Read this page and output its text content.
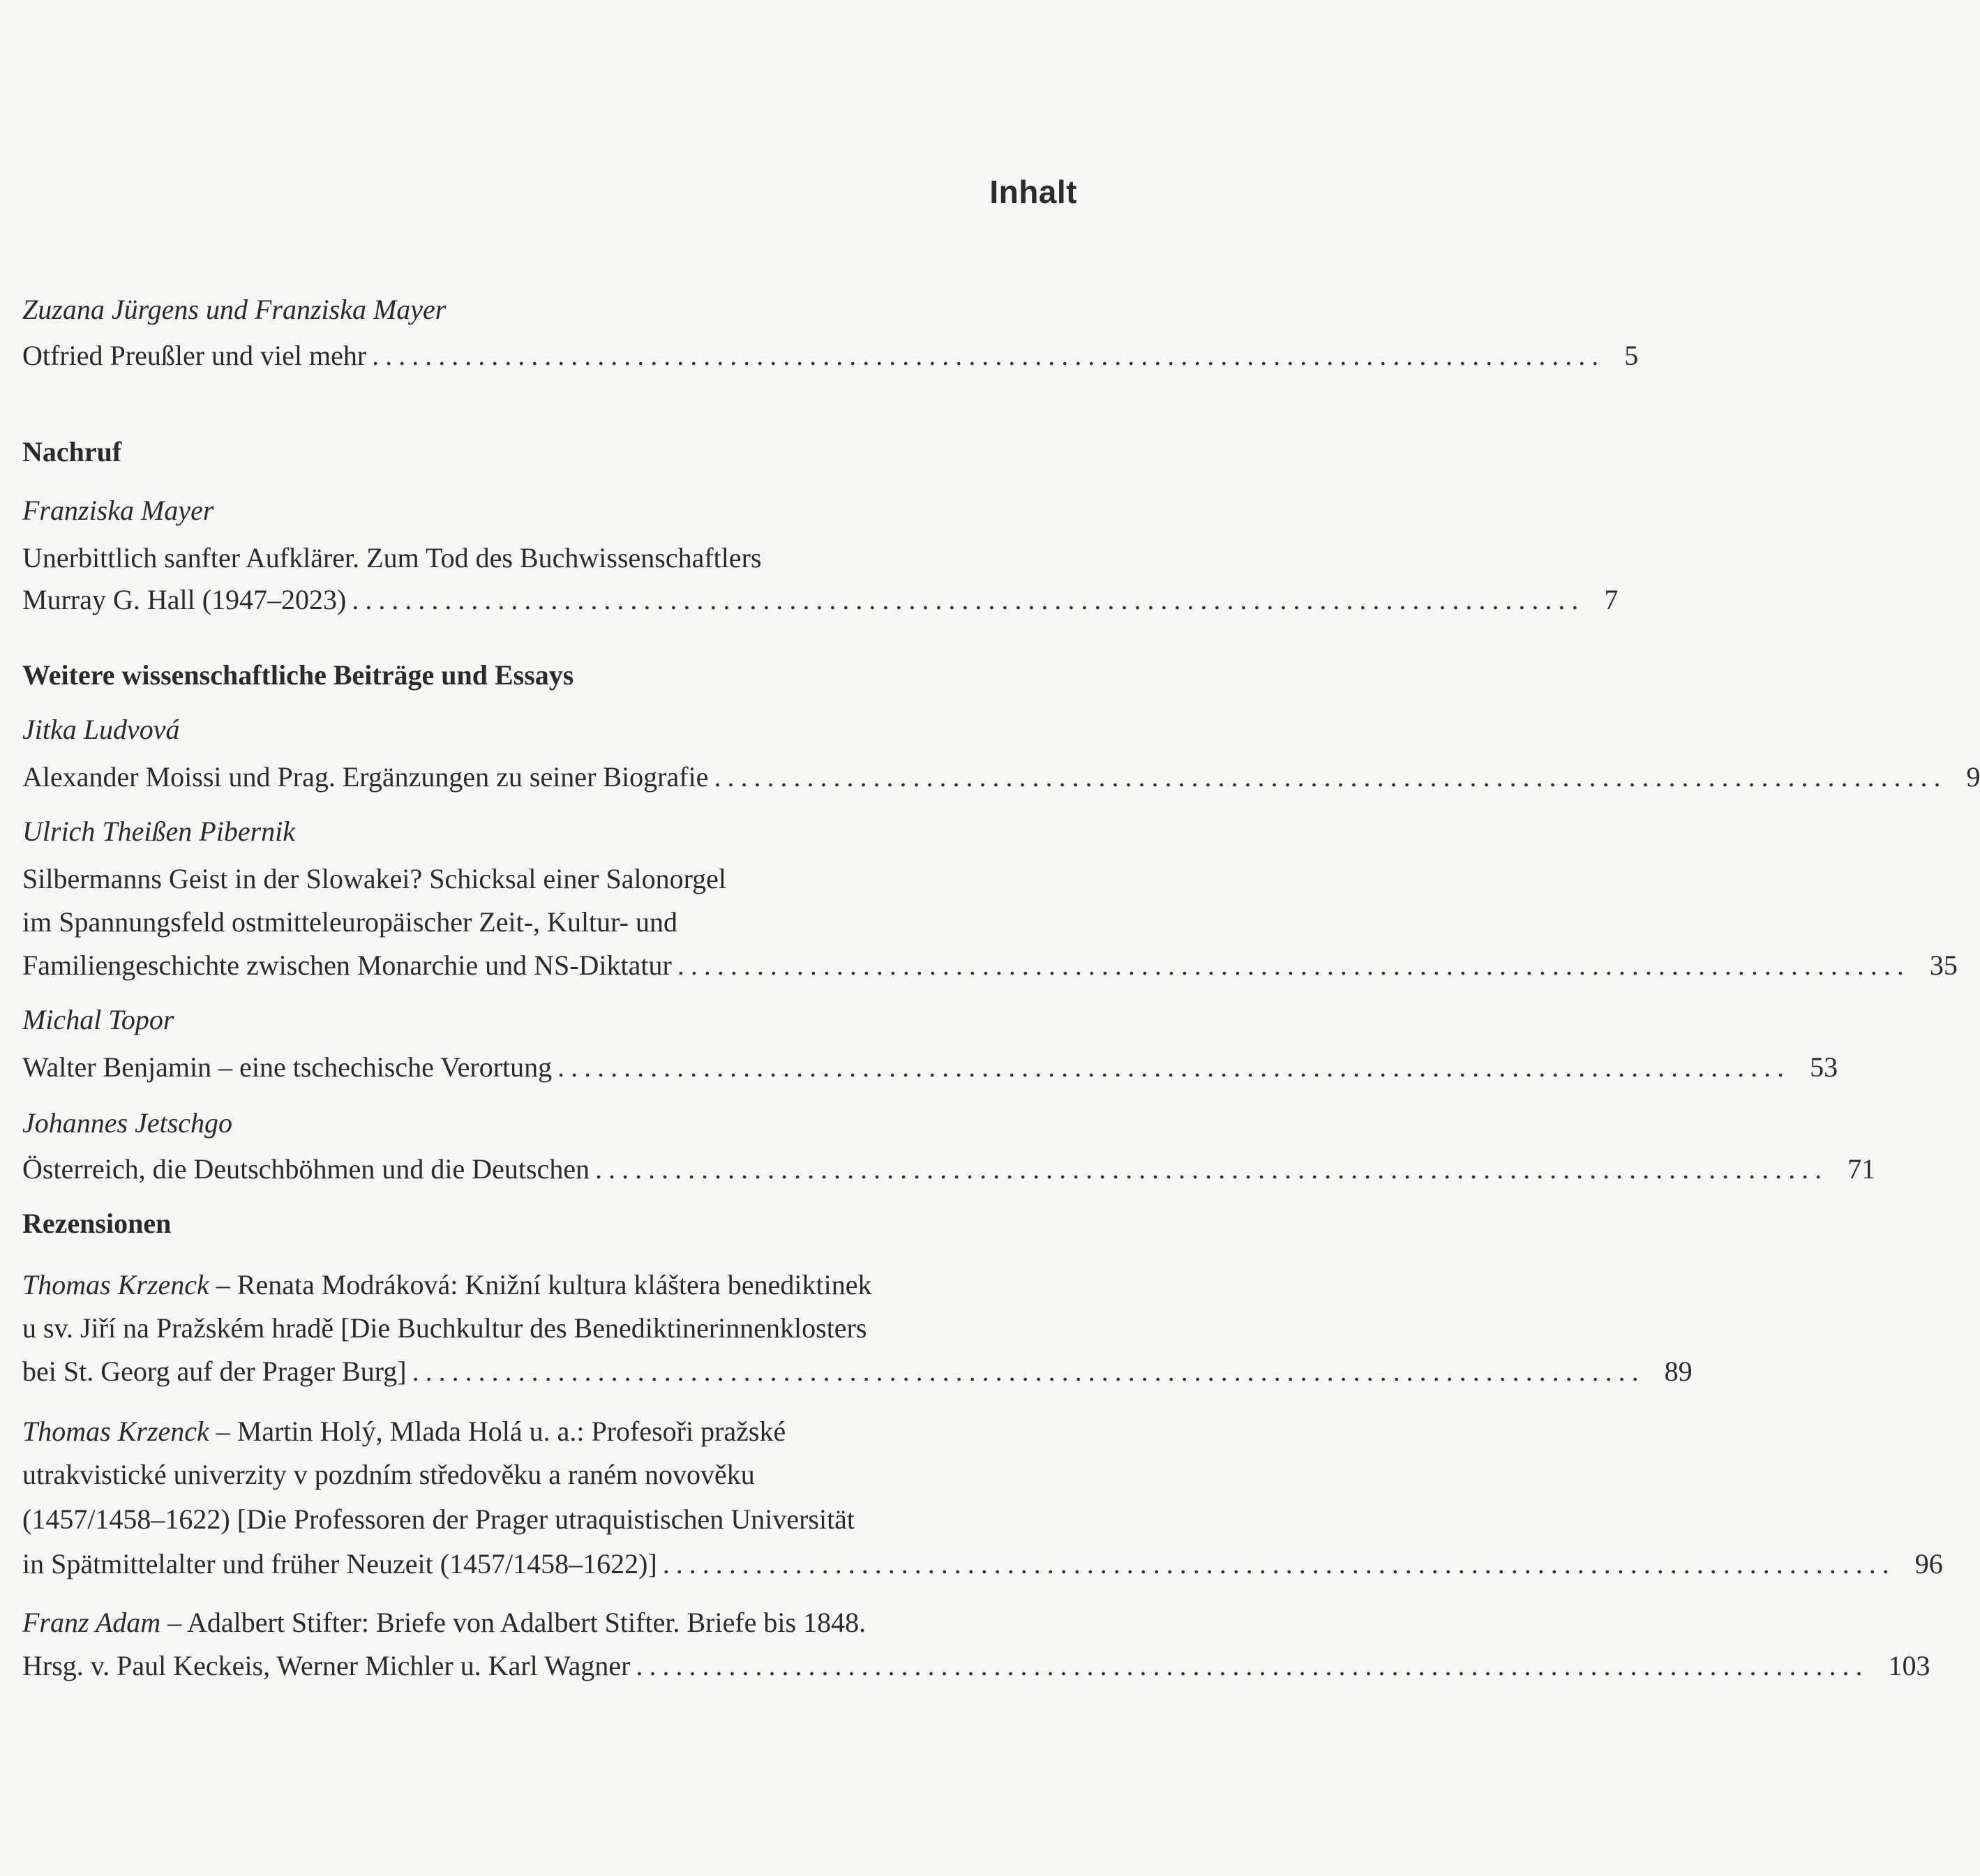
Inhalt
Zuzana Jürgens und Franziska Mayer
Otfried Preußler und viel mehr ............................................................................................. 5
Nachruf
Franziska Mayer
Unerbittlich sanfter Aufklärer. Zum Tod des Buchwissenschaftlers
Murray G. Hall (1947–2023) ............................................................................................. 7
Weitere wissenschaftliche Beiträge und Essays
Jitka Ludvová
Alexander Moissi und Prag. Ergänzungen zu seiner Biografie ............................................................................................. 9
Ulrich Theißen Pibernik
Silbermanns Geist in der Slowakei? Schicksal einer Salonorgel
im Spannungsfeld ostmitteleuropäischer Zeit-, Kultur- und
Familiengeschichte zwischen Monarchie und NS-Diktatur ............................................................................................. 35
Michal Topor
Walter Benjamin – eine tschechische Verortung ............................................................................................. 53
Johannes Jetschgo
Österreich, die Deutschböhmen und die Deutschen ............................................................................................. 71
Rezensionen
Thomas Krzenck – Renata Modráková: Knižní kultura kláštera benediktinek
u sv. Jiří na Pražském hradě [Die Buchkultur des Benediktinerinnenklosters
bei St. Georg auf der Prager Burg] ............................................................................................. 89
Thomas Krzenck – Martin Holý, Mlada Holá u. a.: Profesoři pražské
utrakvistické univerzity v pozdním středověku a raném novověku
(1457/1458–1622) [Die Professoren der Prager utraquistischen Universität
in Spätmittelalter und früher Neuzeit (1457/1458–1622)] ............................................................................................. 96
Franz Adam – Adalbert Stifter: Briefe von Adalbert Stifter. Briefe bis 1848.
Hrsg. v. Paul Keckeis, Werner Michler u. Karl Wagner ............................................................................................. 103
